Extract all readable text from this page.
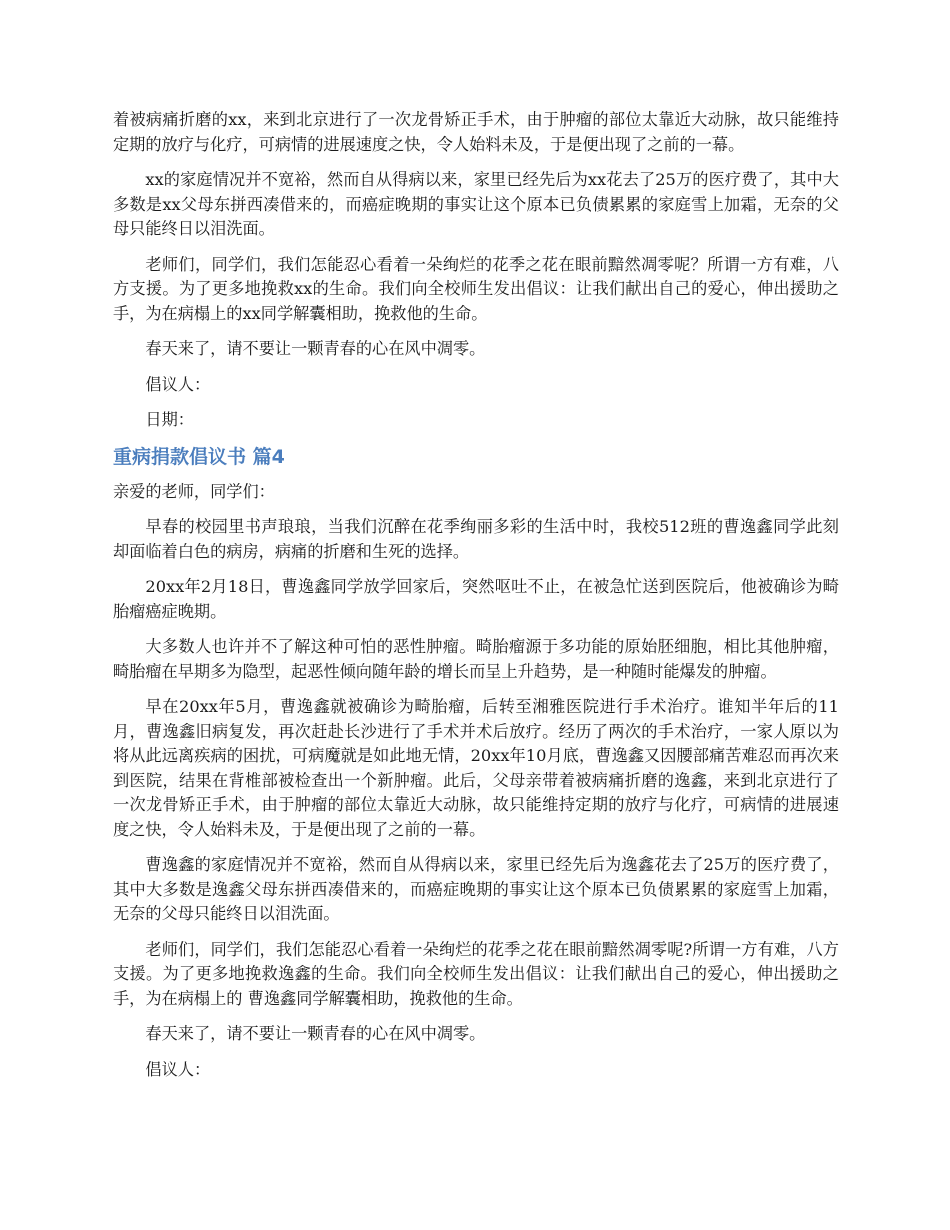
着被病痛折磨的xx，来到北京进行了一次龙骨矫正手术，由于肿瘤的部位太靠近大动脉，故只能维持定期的放疗与化疗，可病情的进展速度之快，令人始料未及，于是便出现了之前的一幕。

xx的家庭情况并不宽裕，然而自从得病以来，家里已经先后为xx花去了25万的医疗费了，其中大多数是xx父母东拼西凑借来的，而癌症晚期的事实让这个原本已负债累累的家庭雪上加霜，无奈的父母只能终日以泪洗面。

老师们，同学们，我们怎能忍心看着一朵绚烂的花季之花在眼前黯然凋零呢？所谓一方有难，八方支援。为了更多地挽救xx的生命。我们向全校师生发出倡议：让我们献出自己的爱心，伸出援助之手，为在病榻上的xx同学解囊相助，挽救他的生命。

春天来了，请不要让一颗青春的心在风中凋零。

倡议人：

日期：

重病捐款倡议书 篇4

亲爱的老师，同学们：

早春的校园里书声琅琅，当我们沉醉在花季绚丽多彩的生活中时，我校512班的曹逸鑫同学此刻却面临着白色的病房，病痛的折磨和生死的选择。

20xx年2月18日，曹逸鑫同学放学回家后，突然呕吐不止，在被急忙送到医院后，他被确诊为畸胎瘤癌症晚期。

大多数人也许并不了解这种可怕的恶性肿瘤。畸胎瘤源于多功能的原始胚细胞，相比其他肿瘤，畸胎瘤在早期多为隐型，起恶性倾向随年龄的增长而呈上升趋势，是一种随时能爆发的肿瘤。

早在20xx年5月，曹逸鑫就被确诊为畸胎瘤，后转至湘雅医院进行手术治疗。谁知半年后的11月，曹逸鑫旧病复发，再次赶赴长沙进行了手术并术后放疗。经历了两次的手术治疗，一家人原以为将从此远离疾病的困扰，可病魔就是如此地无情，20xx年10月底，曹逸鑫又因腰部痛苦难忍而再次来到医院，结果在背椎部被检查出一个新肿瘤。此后，父母亲带着被病痛折磨的逸鑫，来到北京进行了一次龙骨矫正手术，由于肿瘤的部位太靠近大动脉，故只能维持定期的放疗与化疗，可病情的进展速度之快，令人始料未及，于是便出现了之前的一幕。

曹逸鑫的家庭情况并不宽裕，然而自从得病以来，家里已经先后为逸鑫花去了25万的医疗费了，其中大多数是逸鑫父母东拼西凑借来的，而癌症晚期的事实让这个原本已负债累累的家庭雪上加霜，无奈的父母只能终日以泪洗面。

老师们，同学们，我们怎能忍心看着一朵绚烂的花季之花在眼前黯然凋零呢?所谓一方有难，八方支援。为了更多地挽救逸鑫的生命。我们向全校师生发出倡议：让我们献出自己的爱心，伸出援助之手，为在病榻上的 曹逸鑫同学解囊相助，挽救他的生命。

春天来了，请不要让一颗青春的心在风中凋零。

倡议人：
